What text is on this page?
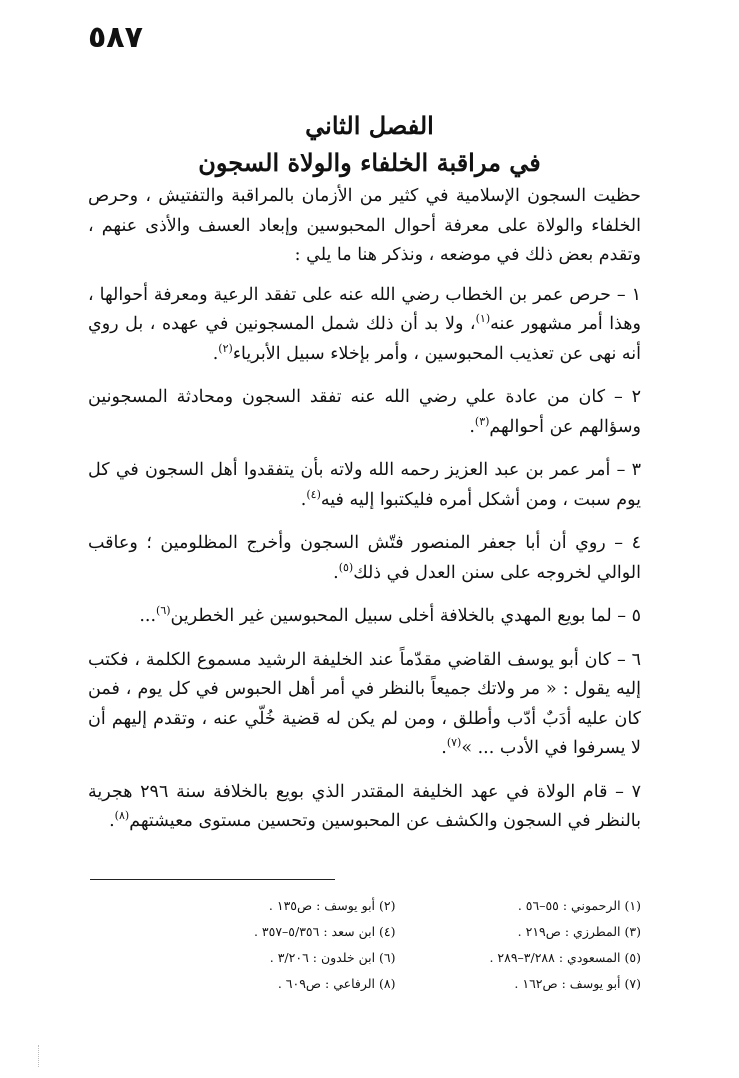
٥٨٧
الفصل الثاني
في مراقبة الخلفاء والولاة السجون

حظيت السجون الإسلامية في كثير من الأزمان بالمراقبة والتفتيش ، وحرص الخلفاء والولاة على معرفة أحوال المحبوسين وإبعاد العسف والأذى عنهم ، وتقدم بعض ذلك في موضعه ، ونذكر هنا ما يلي :

١ – حرص عمر بن الخطاب رضي الله عنه على تفقد الرعية ومعرفة أحوالها ، وهذا أمر مشهور عنه$^{(١)}$، ولا بد أن ذلك شمل المسجونين في عهده ، بل روي أنه نهى عن تعذيب المحبوسين ، وأمر بإخلاء سبيل الأبرياء$^{(٢)}$.

٢ – كان من عادة علي رضي الله عنه تفقد السجون ومحادثة المسجونين وسؤالهم عن أحوالهم$^{(٣)}$.

٣ – أمر عمر بن عبد العزيز رحمه الله ولاته بأن يتفقدوا أهل السجون في كل يوم سبت ، ومن أشكل أمره فليكتبوا إليه فيه$^{(٤)}$.

٤ – روي أن أبا جعفر المنصور فتّش السجون وأخرج المظلومين ؛ وعاقب الوالي لخروجه على سنن العدل في ذلك$^{(٥)}$.

٥ – لما بويع المهدي بالخلافة أخلى سبيل المحبوسين غير الخطرين$^{(٦)}$...

٦ – كان أبو يوسف القاضي مقدّماً عند الخليفة الرشيد مسموع الكلمة ، فكتب إليه يقول : « مر ولاتك جميعاً بالنظر في أمر أهل الحبوس في كل يوم ، فمن كان عليه أدَبٌ أدّب وأطلق ، ومن لم يكن له قضية خُلّي عنه ، وتقدم إليهم أن لا يسرفوا في الأدب ... »$^{(٧)}$.

٧ – قام الولاة في عهد الخليفة المقتدر الذي بويع بالخلافة سنة ٢٩٦ هجرية بالنظر في السجون والكشف عن المحبوسين وتحسين مستوى معيشتهم$^{(٨)}$.

(١) الرحموني : ٥٥–٥٦ .
(٢) أبو يوسف : ص١٣٥ .
(٣) المطرزي : ص٢١٩ .
(٤) ابن سعد : ٥/٣٥٦–٣٥٧ .
(٥) المسعودي : ٣/٢٨٨–٢٨٩ .
(٦) ابن خلدون : ٣/٢٠٦ .
(٧) أبو يوسف : ص١٦٢ .
(٨) الرفاعي : ص٦٠٩ .
